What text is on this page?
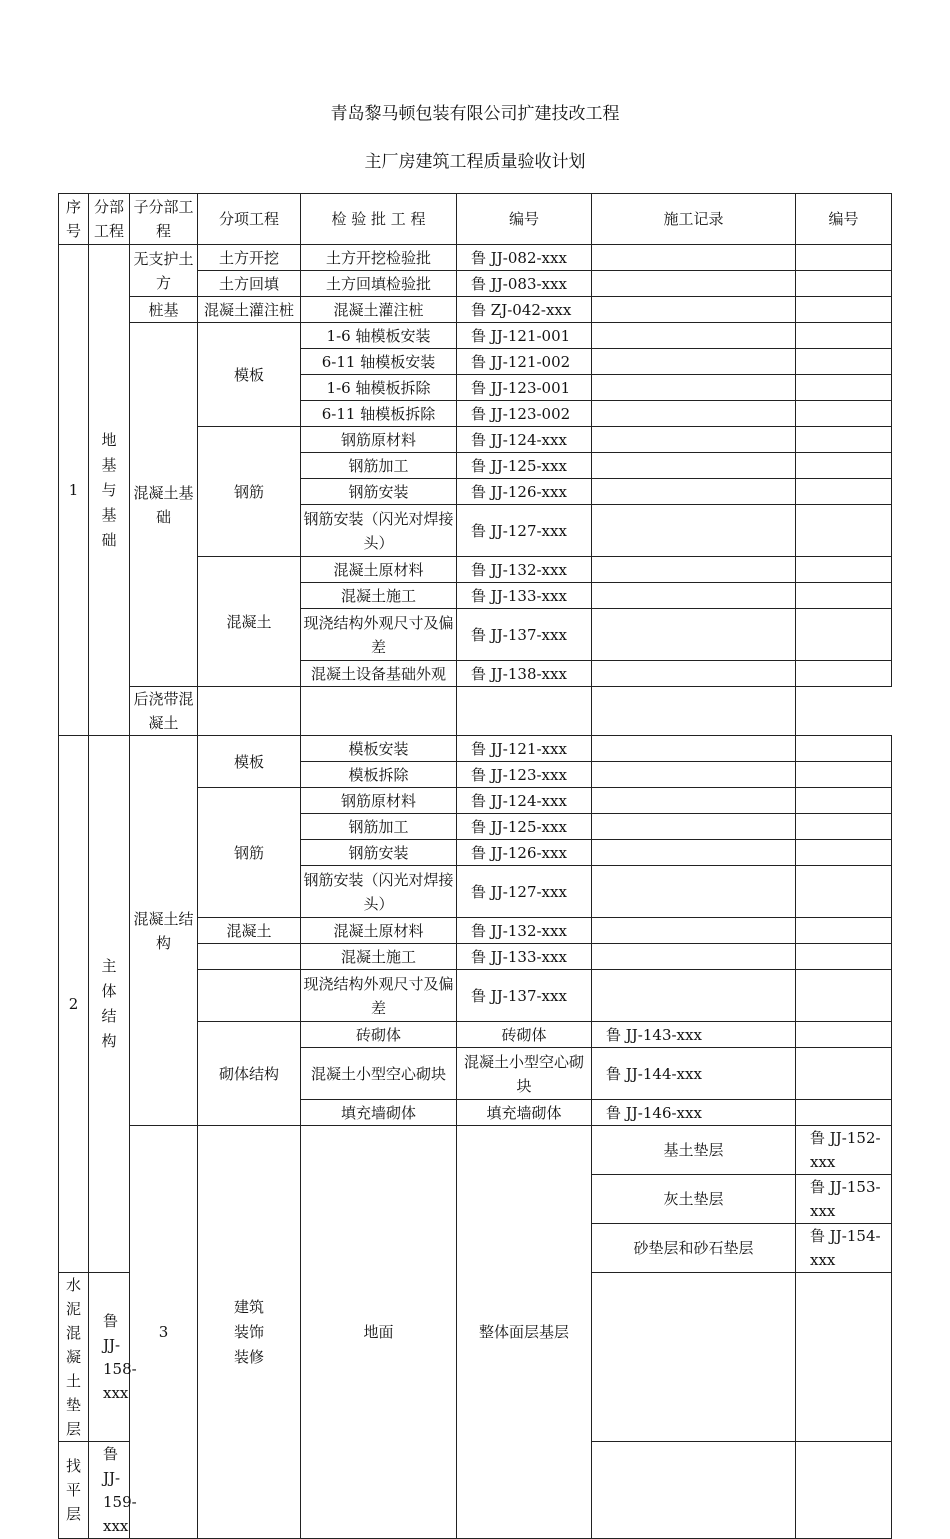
青岛黎马顿包装有限公司扩建技改工程
主厂房建筑工程质量验收计划
序号	分部工程	子分部工程	分项工程	检 验 批 工 程	编号	施工记录	编号	
1	地基与基础	无支护土方	土方开挖	土方开挖检验批	鲁 JJ-082-xxx			
			土方回填	土方回填检验批	鲁 JJ-083-xxx			
		桩基	混凝土灌注桩	混凝土灌注桩	鲁 ZJ-042-xxx			
		混凝土基础	模板	1-6 轴模板安装	鲁 JJ-121-001			
				6-11 轴模板安装	鲁 JJ-121-002			
				1-6 轴模板拆除	鲁 JJ-123-001			
				6-11 轴模板拆除	鲁 JJ-123-002			
			钢筋	钢筋原材料	鲁 JJ-124-xxx			
				钢筋加工	鲁 JJ-125-xxx			
				钢筋安装	鲁 JJ-126-xxx			
				钢筋安装（闪光对焊接头）	鲁 JJ-127-xxx			
			混凝土	混凝土原材料	鲁 JJ-132-xxx			
				混凝土施工	鲁 JJ-133-xxx			
				现浇结构外观尺寸及偏差	鲁 JJ-137-xxx			
				混凝土设备基础外观	鲁 JJ-138-xxx			
		后浇带混凝土						
2	主体结构	混凝土结构	模板	模板安装	鲁 JJ-121-xxx			
				模板拆除	鲁 JJ-123-xxx			
			钢筋	钢筋原材料	鲁 JJ-124-xxx			
				钢筋加工	鲁 JJ-125-xxx			
				钢筋安装	鲁 JJ-126-xxx			
				钢筋安装（闪光对焊接头）	鲁 JJ-127-xxx			
			混凝土	混凝土原材料	鲁 JJ-132-xxx			
				混凝土施工	鲁 JJ-133-xxx			
				现浇结构外观尺寸及偏差	鲁 JJ-137-xxx			
			砌体结构	砖砌体	砖砌体	鲁 JJ-143-xxx		
				混凝土小型空心砌块	混凝土小型空心砌块	鲁 JJ-144-xxx		
				填充墙砌体	填充墙砌体	鲁 JJ-146-xxx		
		3	建筑装饰装修	地面	整体面层基层	基土垫层	鲁 JJ-152-xxx		
						灰土垫层	鲁 JJ-153-xxx		
						砂垫层和砂石垫层	鲁 JJ-154-xxx		
水泥混凝土垫层	鲁 JJ-158-xxx							
找平层	鲁 JJ-159-xxx							
